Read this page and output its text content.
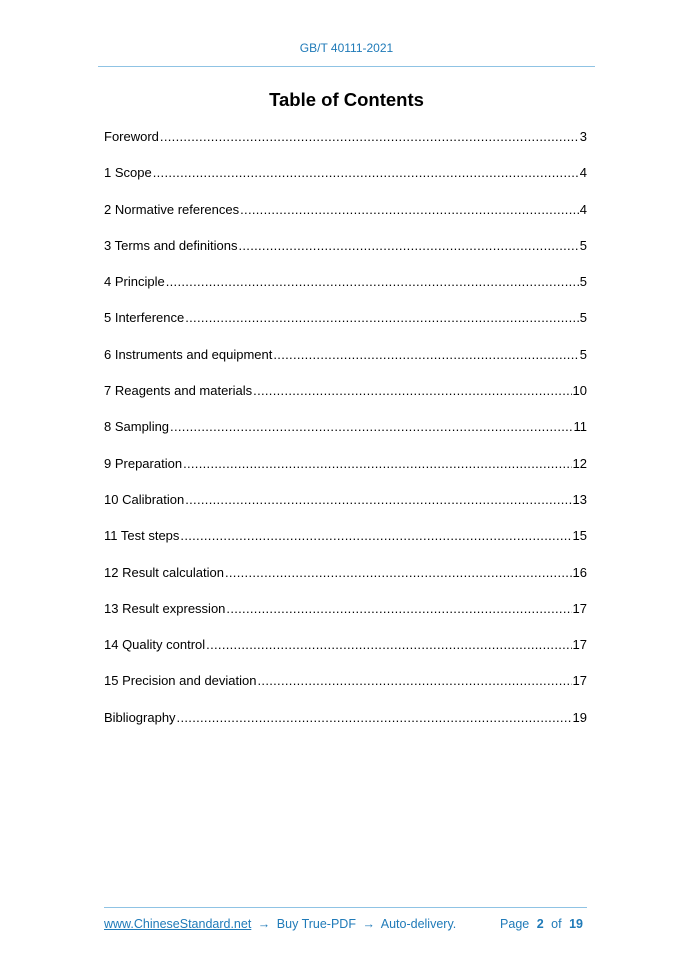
GB/T 40111-2021
Table of Contents
Foreword .....	3
1 Scope .....	4
2 Normative references .....	4
3 Terms and definitions .....	5
4 Principle .....	5
5 Interference .....	5
6 Instruments and equipment .....	5
7 Reagents and materials .....	10
8 Sampling .....	11
9 Preparation .....	12
10 Calibration .....	13
11 Test steps .....	15
12 Result calculation .....	16
13 Result expression .....	17
14 Quality control .....	17
15 Precision and deviation .....	17
Bibliography .....	19
www.ChineseStandard.net → Buy True-PDF → Auto-delivery.	Page 2 of 19
